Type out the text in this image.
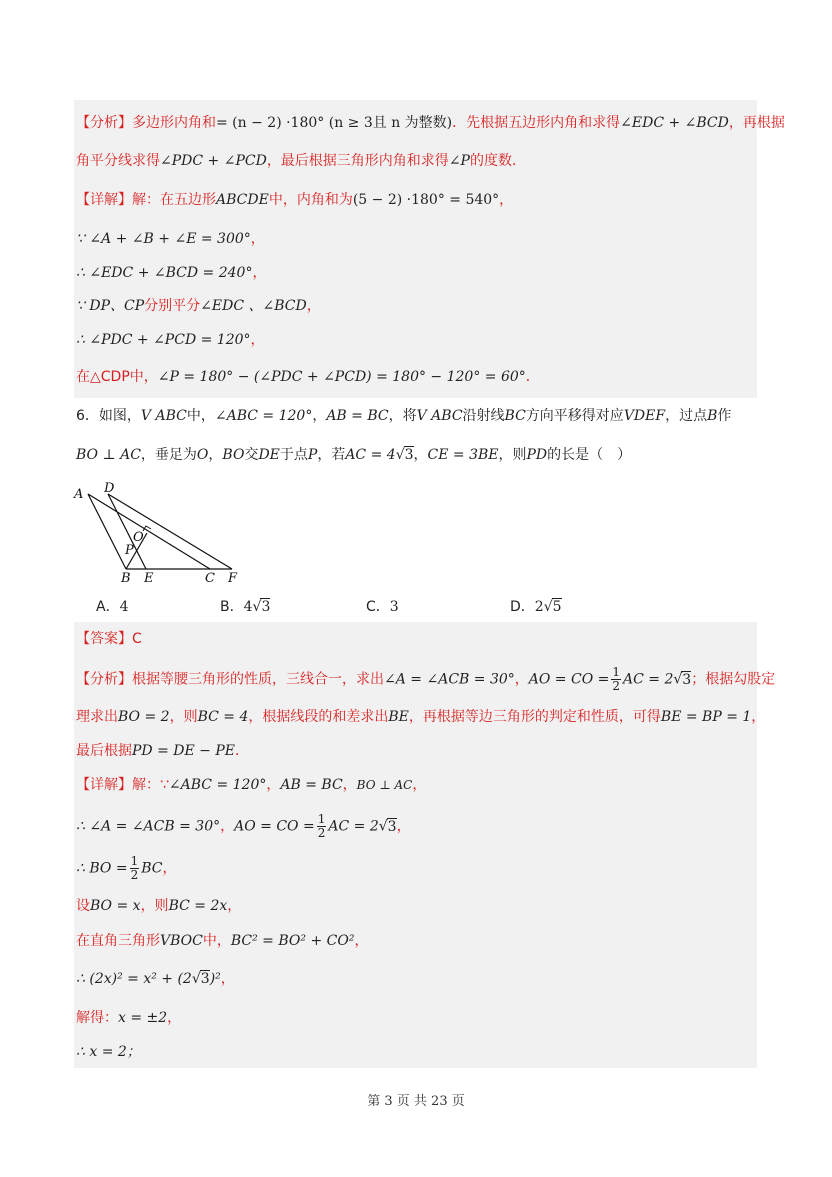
【分析】多边形内角和= (n − 2) ·180° (n ≥ 3且 n 为整数)．先根据五边形内角和求得∠EDC + ∠BCD，再根据
角平分线求得∠PDC + ∠PCD，最后根据三角形内角和求得∠P的度数．
【详解】解：在五边形ABCDE中，内角和为(5 − 2) ·180° = 540°，
∵ ∠A + ∠B + ∠E = 300°，
∴ ∠EDC + ∠BCD = 240°，
∵ DP、CP分别平分∠EDC 、∠BCD，
∴ ∠PDC + ∠PCD = 120°，
在△CDP中，∠P = 180° − (∠PDC + ∠PCD) = 180° − 120° = 60°．
6．如图，V ABC中，∠ABC = 120°，AB = BC，将V ABC沿射线BC方向平移得对应VDEF，过点B作
BO ⊥ AC，垂足为O，BO交DE于点P，若AC = 4√3，CE = 3BE，则PD的长是（　）
A D
O
P
B E	C F
A．4	B．4√3	C．3	D．2√5
【答案】C
【分析】根据等腰三角形的性质，三线合一，求出∠A = ∠ACB = 30°，AO = CO = $\frac{1}{2}$ AC = 2√3；根据勾股定
理求出BO = 2，则BC = 4，根据线段的和差求出BE，再根据等边三角形的判定和性质，可得BE = BP = 1，
最后根据PD = DE − PE．
【详解】解：∵∠ABC = 120°，AB = BC，BO ⊥ AC，
∴ ∠A = ∠ACB = 30°，AO = CO = $\frac{1}{2}$ AC = 2√3，
∴ BO = $\frac{1}{2}$ BC，
设BO = x，则BC = 2x，
在直角三角形VBOC中，BC² = BO² + CO²，
∴ (2x)² = x² + (2√3)²，
解得：x = ±2，
∴ x = 2；
第 3 页 共 23 页
